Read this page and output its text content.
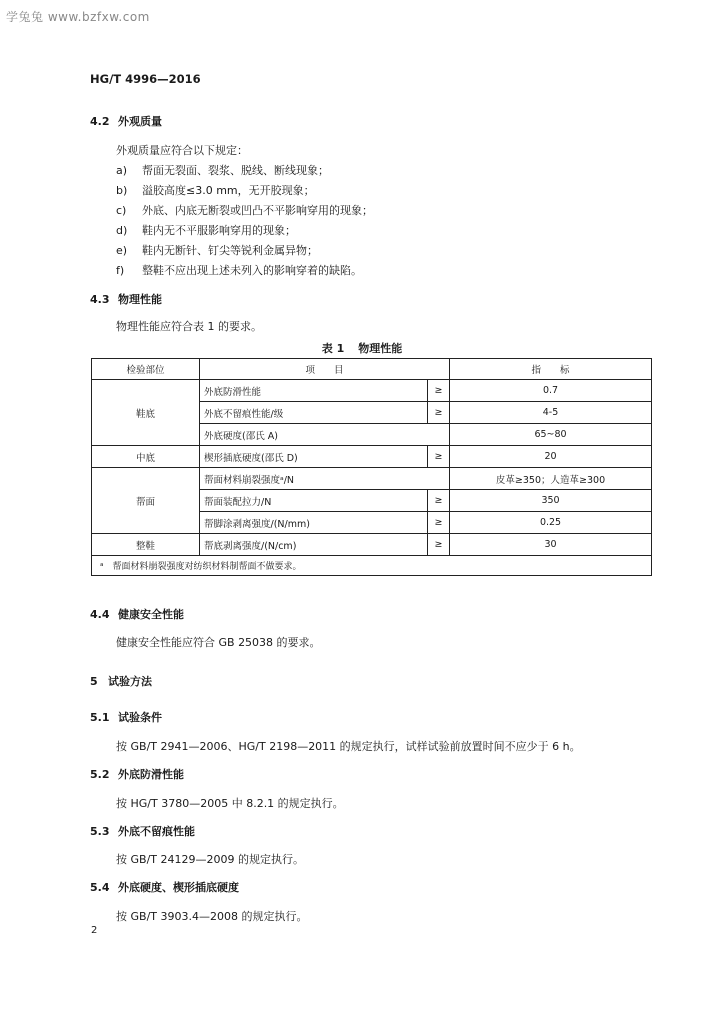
学兔兔 www.bzfxw.com
HG/T 4996—2016
4.2 外观质量
外观质量应符合以下规定：
a) 帮面无裂面、裂浆、脱线、断线现象；
b) 溢胶高度≤3.0 mm，无开胶现象；
c) 外底、内底无断裂或凹凸不平影响穿用的现象；
d) 鞋内无不平服影响穿用的现象；
e) 鞋内无断针、钉尖等锐利金属异物；
f) 整鞋不应出现上述未列入的影响穿着的缺陷。
4.3 物理性能
物理性能应符合表 1 的要求。
表 1 物理性能
检验部位	项　　目		指　　标
鞋底	外底防滑性能	≥	0.7
	外底不留痕性能/级	≥	4-5
	外底硬度(邵氏 A)		65~80
中底	楔形插底硬度(邵氏 D)	≥	20
帮面	帮面材料崩裂强度ᵃ/N		皮革≥350；人造革≥300
	帮面装配拉力/N	≥	350
	帮脚涂剥离强度/(N/mm)	≥	0.25
整鞋	帮底剥离强度/(N/cm)	≥	30
ᵃ　帮面材料崩裂强度对纺织材料制帮面不做要求。			
4.4 健康安全性能
健康安全性能应符合 GB 25038 的要求。
5 试验方法
5.1 试验条件
按 GB/T 2941—2006、HG/T 2198—2011 的规定执行，试样试验前放置时间不应少于 6 h。
5.2 外底防滑性能
按 HG/T 3780—2005 中 8.2.1 的规定执行。
5.3 外底不留痕性能
按 GB/T 24129—2009 的规定执行。
5.4 外底硬度、楔形插底硬度
按 GB/T 3903.4—2008 的规定执行。
2
